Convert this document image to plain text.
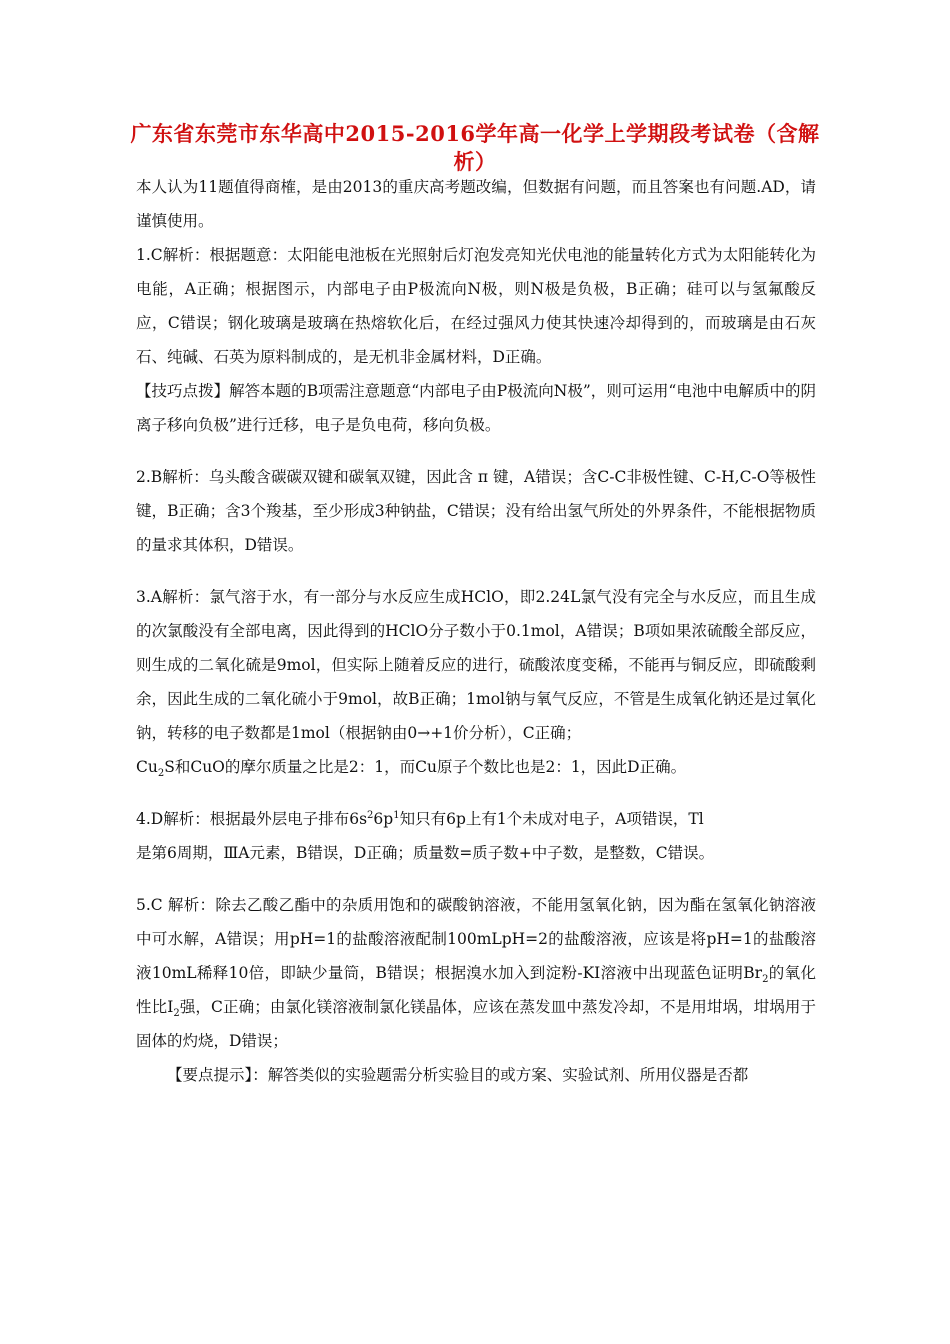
广东省东莞市东华高中2015-2016学年高一化学上学期段考试卷（含解析）

本人认为11题值得商榷，是由2013的重庆高考题改编，但数据有问题，而且答案也有问题.AD，请谨慎使用。

1.C解析：根据题意：太阳能电池板在光照射后灯泡发亮知光伏电池的能量转化方式为太阳能转化为电能，A正确；根据图示，内部电子由P极流向N极，则N极是负极，B正确；硅可以与氢氟酸反应，C错误；钢化玻璃是玻璃在热熔软化后，在经过强风力使其快速冷却得到的，而玻璃是由石灰石、纯碱、石英为原料制成的，是无机非金属材料，D正确。

【技巧点拨】解答本题的B项需注意题意“内部电子由P极流向N极”，则可运用“电池中电解质中的阴离子移向负极”进行迁移，电子是负电荷，移向负极。

2.B解析：乌头酸含碳碳双键和碳氧双键，因此含 π 键，A错误；含C-C非极性键、C-H,C-O等极性键，B正确；含3个羧基，至少形成3种钠盐，C错误；没有给出氢气所处的外界条件，不能根据物质的量求其体积，D错误。

3.A解析：氯气溶于水，有一部分与水反应生成HClO，即2.24L氯气没有完全与水反应，而且生成的次氯酸没有全部电离，因此得到的HClO分子数小于0.1mol，A错误；B项如果浓硫酸全部反应，则生成的二氧化硫是9mol，但实际上随着反应的进行，硫酸浓度变稀，不能再与铜反应，即硫酸剩余，因此生成的二氧化硫小于9mol，故B正确；1mol钠与氧气反应，不管是生成氧化钠还是过氧化钠，转移的电子数都是1mol（根据钠由0→+1价分析），C正确；

$Cu_2S$和CuO的摩尔质量之比是2：1，而Cu原子个数比也是2：1，因此D正确。

4.D解析：根据最外层电子排布$6s^26p^1$知只有6p上有1个未成对电子，A项错误，Tl

是第6周期，ⅢA元素，B错误，D正确；质量数=质子数+中子数，是整数，C错误。

5.C 解析：除去乙酸乙酯中的杂质用饱和的碳酸钠溶液，不能用氢氧化钠，因为酯在氢氧化钠溶液中可水解，A错误；用pH=1的盐酸溶液配制100mLpH=2的盐酸溶液，应该是将pH=1的盐酸溶液10mL稀释10倍，即缺少量筒，B错误；根据溴水加入到淀粉-KI溶液中出现蓝色证明$Br_2$的氧化性比$I_2$强，C正确；由氯化镁溶液制氯化镁晶体，应该在蒸发皿中蒸发冷却，不是用坩埚，坩埚用于固体的灼烧，D错误；

【要点提示】：解答类似的实验题需分析实验目的或方案、实验试剂、所用仪器是否都
